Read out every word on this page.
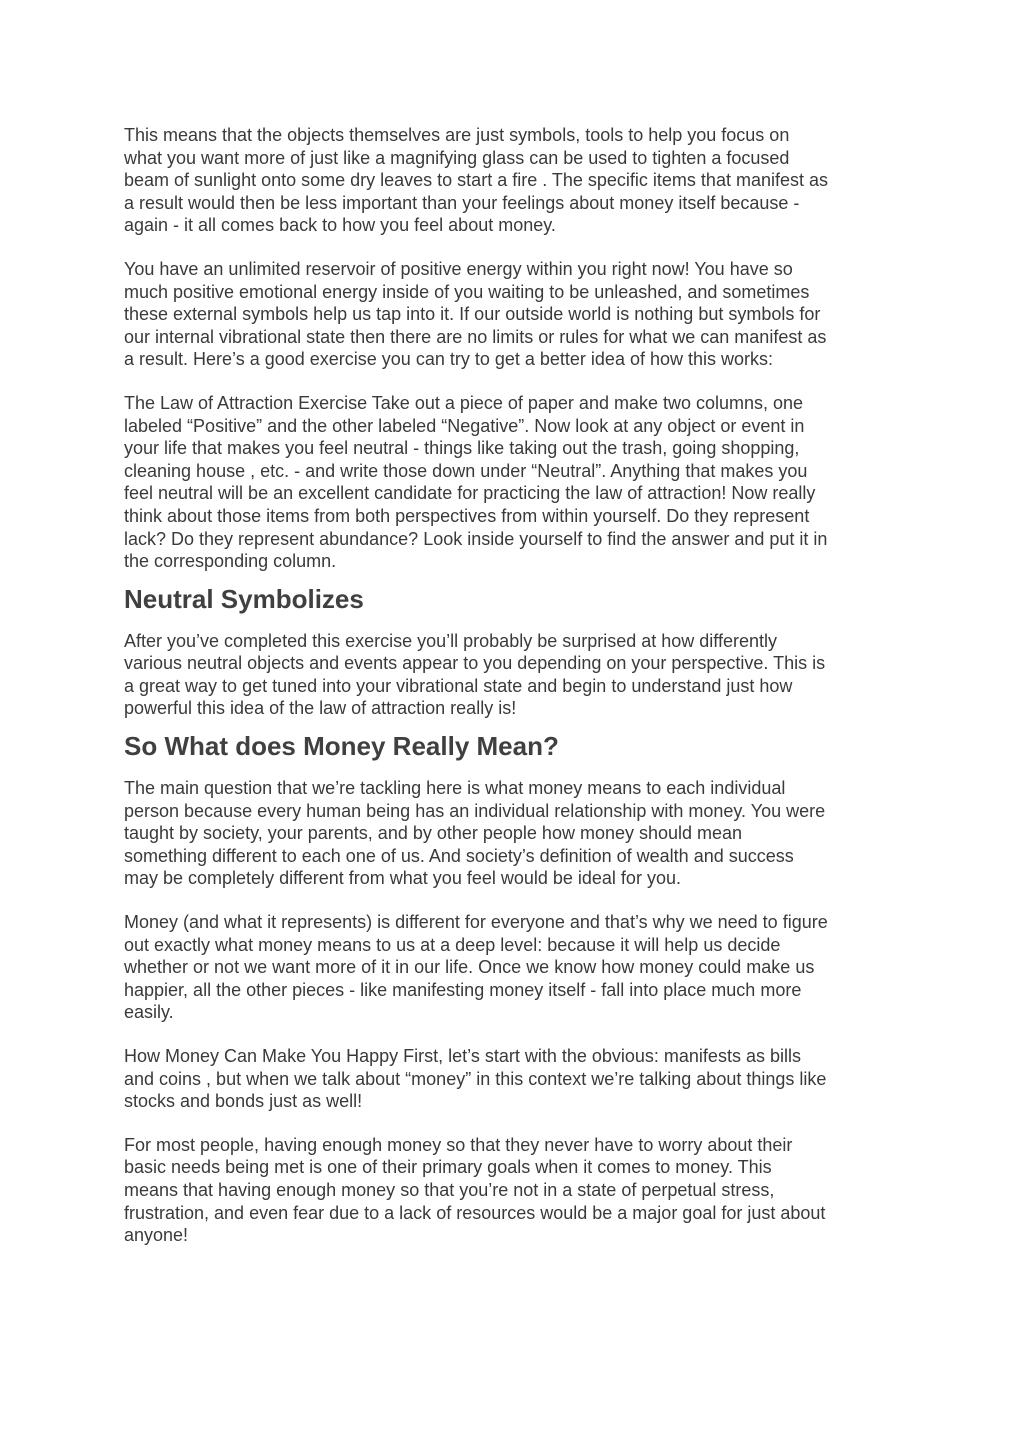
This means that the objects themselves are just symbols, tools to help you focus on
what you want more of just like a magnifying glass can be used to tighten a focused
beam of sunlight onto some dry leaves to start a fire . The specific items that manifest as
a result would then be less important than your feelings about money itself because -
again - it all comes back to how you feel about money.

You have an unlimited reservoir of positive energy within you right now! You have so
much positive emotional energy inside of you waiting to be unleashed, and sometimes
these external symbols help us tap into it. If our outside world is nothing but symbols for
our internal vibrational state then there are no limits or rules for what we can manifest as
a result. Here’s a good exercise you can try to get a better idea of how this works:

The Law of Attraction Exercise Take out a piece of paper and make two columns, one
labeled “Positive” and the other labeled “Negative”. Now look at any object or event in
your life that makes you feel neutral - things like taking out the trash, going shopping,
cleaning house , etc. - and write those down under “Neutral”. Anything that makes you
feel neutral will be an excellent candidate for practicing the law of attraction! Now really
think about those items from both perspectives from within yourself. Do they represent
lack? Do they represent abundance? Look inside yourself to find the answer and put it in
the corresponding column.

Neutral Symbolizes

After you’ve completed this exercise you’ll probably be surprised at how differently
various neutral objects and events appear to you depending on your perspective. This is
a great way to get tuned into your vibrational state and begin to understand just how
powerful this idea of the law of attraction really is!

So What does Money Really Mean?

The main question that we’re tackling here is what money means to each individual
person because every human being has an individual relationship with money. You were
taught by society, your parents, and by other people how money should mean
something different to each one of us. And society’s definition of wealth and success
may be completely different from what you feel would be ideal for you.

Money (and what it represents) is different for everyone and that’s why we need to figure
out exactly what money means to us at a deep level: because it will help us decide
whether or not we want more of it in our life. Once we know how money could make us
happier, all the other pieces - like manifesting money itself - fall into place much more
easily.

How Money Can Make You Happy First, let’s start with the obvious: manifests as bills
and coins , but when we talk about “money” in this context we’re talking about things like
stocks and bonds just as well!

For most people, having enough money so that they never have to worry about their
basic needs being met is one of their primary goals when it comes to money. This
means that having enough money so that you’re not in a state of perpetual stress,
frustration, and even fear due to a lack of resources would be a major goal for just about
anyone!
